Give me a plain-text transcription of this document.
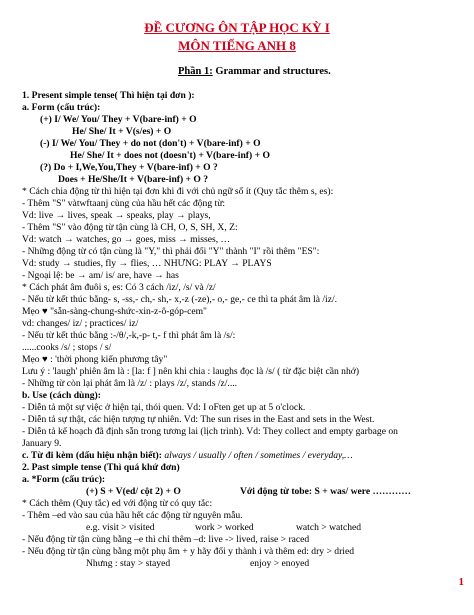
ĐỀ CƯƠNG ÔN TẬP HỌC KỲ I
MÔN TIẾNG ANH 8
Phần 1: Grammar and structures.
1. Present simple tense( Thì hiện tại đơn ):
a. Form (cấu trúc):
(+) I/ We/ You/ They + V(bare-inf) + O
He/ She/ It + V(s/es) + O
(-) I/ We/ You/ They + do not (don't) + V(bare-inf) + O
He/ She/ It + does not (doesn't) + V(bare-inf) + O
(?) Do + I,We,You,They + V(bare-inf) + O ?
Does + He/She/It + V(bare-inf) + O ?
* Cách chia động từ thì hiện tại đơn khi đi với chủ ngữ số ít (Quy tắc thêm s, es):
- Thêm "S" vàtwftaanj cùng của hầu hết các động từ:
Vd: live → lives, speak → speaks, play → plays,
- Thêm "S" vào động từ tận cùng là CH, O, S, SH, X, Z:
Vd: watch → watches, go → goes, miss → misses, …
- Những động từ có tận cùng là "Y," thì phải đổi "Y" thành "I" rồi thêm "ES":
Vd: study → studies, fly → flies, … NHƯNG: PLAY → PLAYS
- Ngoại lệ: be → am/ is/ are, have → has
* Cách phát âm đuôi s, es: Có 3 cách /iz/, /s/ và /z/
- Nếu từ kết thúc bằng- s, -ss,- ch,- sh,- x,-z (-ze),- o,- ge,- ce thì ta phát âm là /iz/.
Mẹo ♥ "sẵn-sàng-chung-shức-xin-z-ô-góp-cem"
vd: changes/ iz/ ; practices/ iz/
- Nếu từ kết thúc bằng :-/θ/,-k,-p- t,- f thì phát âm là /s/:
......cooks /s/ ; stops / s/
Mẹo ♥ : 'thời phong kiến phương tây"
Lưu ý : 'laugh' phiên âm là : [la: f ] nên khi chia : laughs đọc là /s/ ( từ đặc biệt cần nhớ)
- Những từ còn lại phát âm là /z/ : plays /z/, stands /z/....
b. Use (cách dùng):
- Diễn tả một sự việc ở hiện tại, thói quen. Vd: I oFten get up at 5 o'clock.
- Diễn tả sự thật, các hiện tượng tự nhiên. Vd: The sun rises in the East and sets in the West.
- Diễn tả kế hoạch đã định sẵn trong tương lai (lịch trình). Vd: They collect and empty garbage on
January 9.
c. Từ đi kèm (dấu hiệu nhận biết): always / usually / often / sometimes / everyday,…
2. Past simple tense (Thì quá khứ đơn)
a. *Form (cấu trúc):
(+) S + V(ed/ cột 2) + O	Với động từ tobe: S + was/ were …………
* Cách thêm (Quy tắc) ed với động từ có quy tắc:
- Thêm –ed vào sau của hầu hết các động từ nguyên mẫu.
e.g. visit > visited	work > worked	watch > watched
- Nếu động từ tận cùng bằng –e thì chỉ thêm –d: live -> lived, raise > raced
- Nếu động từ tận cùng bằng một phụ âm + y hãy đổi y thành i và thêm ed: dry > dried
Nhưng : stay > stayed	enjoy > enoyed
1
